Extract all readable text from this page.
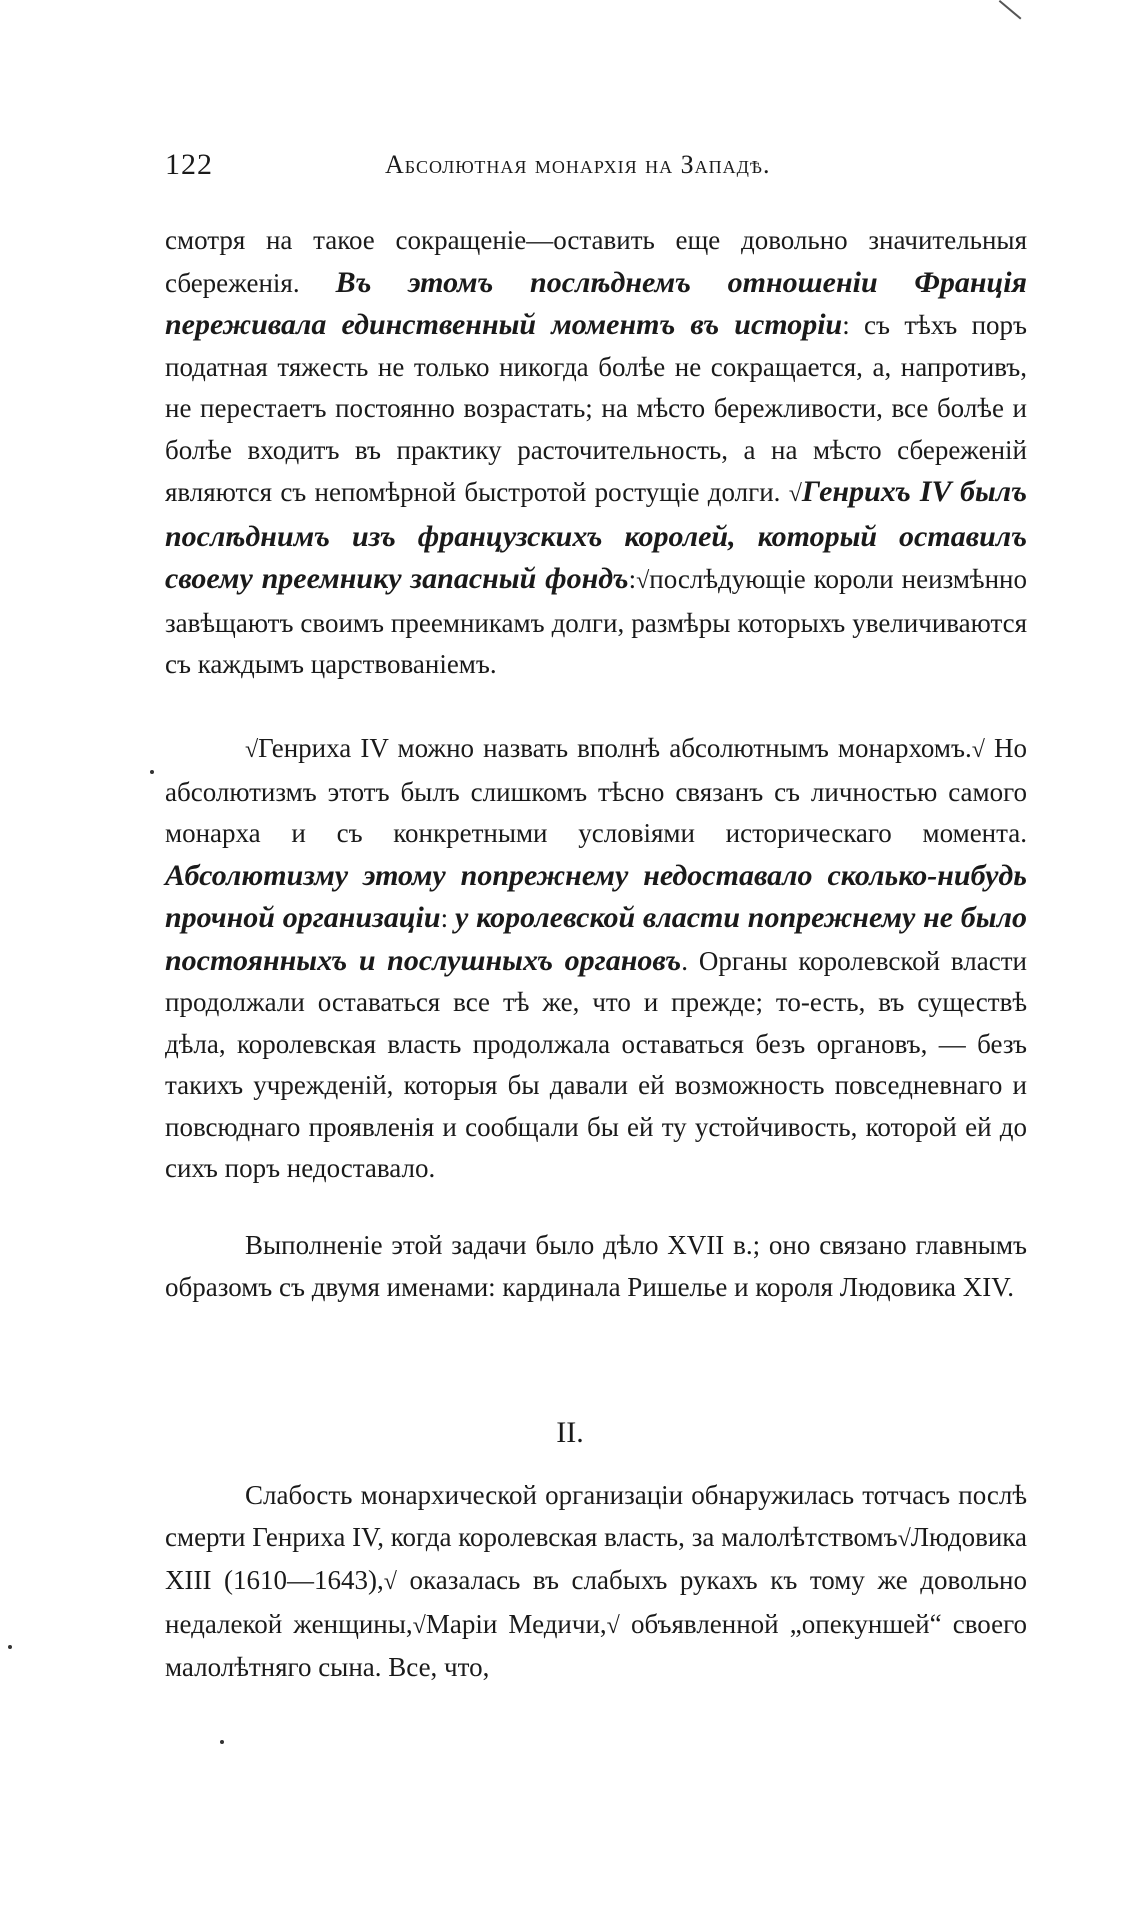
122	Абсолютная монархія на Западѣ.

смотря на такое сокращеніе—оставить еще довольно значительныя сбереженія. Въ этомъ послѣднемъ отношеніи Франція переживала единственный моментъ въ исторіи: съ тѣхъ поръ податная тяжесть не только никогда болѣе не сокращается, а, напротивъ, не перестаетъ постоянно возрастать; на мѣсто бережливости, все болѣе и болѣе входитъ въ практику расточительность, а на мѣсто сбереженій являются съ непомѣрной быстротой ростущіе долги. √Генрихъ IV былъ послѣднимъ изъ французскихъ королей, который оставилъ своему преемнику запасный фондъ:√послѣдующіе короли неизмѣнно завѣщаютъ своимъ преемникамъ долги, размѣры которыхъ увеличиваются съ каждымъ царствованіемъ.

√Генриха IV можно назвать вполнѣ абсолютнымъ монархомъ.√ Но абсолютизмъ этотъ былъ слишкомъ тѣсно связанъ съ личностью самого монарха и съ конкретными условіями историческаго момента. Абсолютизму этому попрежнему недоставало сколько-нибудь прочной организаціи: у королевской власти попрежнему не было постоянныхъ и послушныхъ органовъ. Органы королевской власти продолжали оставаться все тѣ же, что и прежде; то-есть, въ существѣ дѣла, королевская власть продолжала оставаться безъ органовъ, — безъ такихъ учрежденій, которыя бы давали ей возможность повседневнаго и повсюднаго проявленія и сообщали бы ей ту устойчивость, которой ей до сихъ поръ недоставало.

Выполненіе этой задачи было дѣло XVII в.; оно связано главнымъ образомъ съ двумя именами: кардинала Ришелье и короля Людовика XIV.

II.

Слабость монархической организаціи обнаружилась тотчасъ послѣ смерти Генриха IV, когда королевская власть, за малолѣтствомъ√Людовика XIII (1610—1643),√ оказалась въ слабыхъ рукахъ къ тому же довольно недалекой женщины,√Маріи Медичи,√ объявленной „опекуншей“ своего малолѣтняго сына. Все, что,
